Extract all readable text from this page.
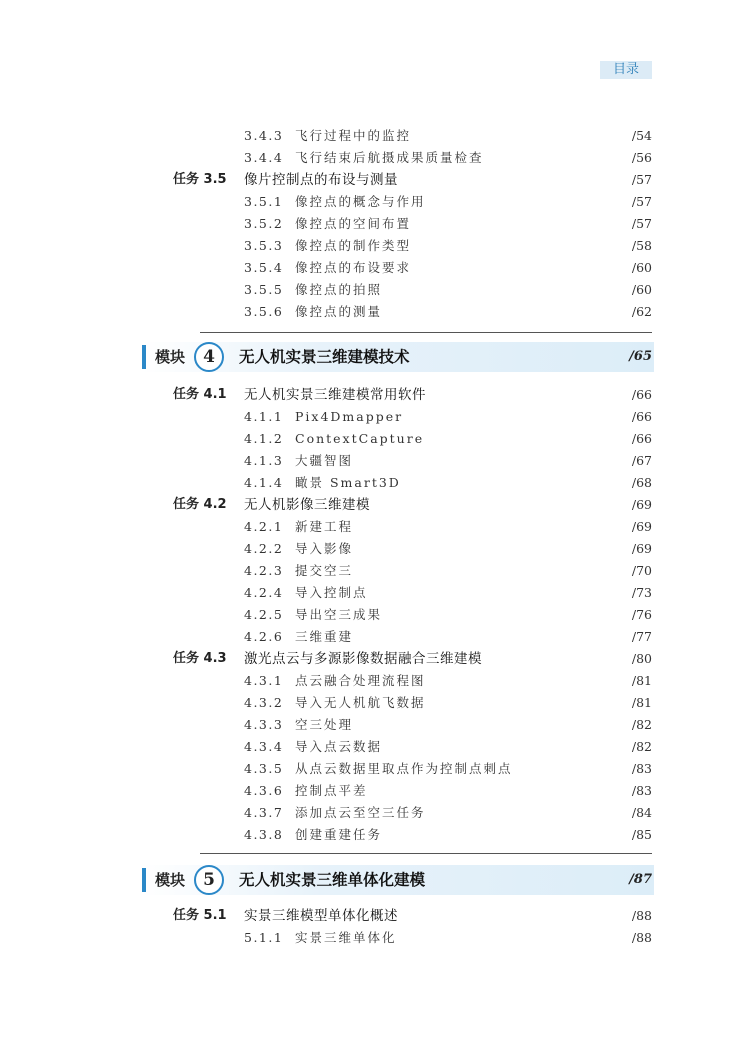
目录
3.4.3 飞行过程中的监控	/54
3.4.4 飞行结束后航摄成果质量检查	/56
任务 3.5 像片控制点的布设与测量	/57
3.5.1 像控点的概念与作用	/57
3.5.2 像控点的空间布置	/57
3.5.3 像控点的制作类型	/58
3.5.4 像控点的布设要求	/60
3.5.5 像控点的拍照	/60
3.5.6 像控点的测量	/62
模块	4	无人机实景三维建模技术	/65
任务 4.1 无人机实景三维建模常用软件	/66
4.1.1 Pix4Dmapper	/66
4.1.2 ContextCapture	/66
4.1.3 大疆智图	/67
4.1.4 瞰景 Smart3D	/68
任务 4.2 无人机影像三维建模	/69
4.2.1 新建工程	/69
4.2.2 导入影像	/69
4.2.3 提交空三	/70
4.2.4 导入控制点	/73
4.2.5 导出空三成果	/76
4.2.6 三维重建	/77
任务 4.3 激光点云与多源影像数据融合三维建模	/80
4.3.1 点云融合处理流程图	/81
4.3.2 导入无人机航飞数据	/81
4.3.3 空三处理	/82
4.3.4 导入点云数据	/82
4.3.5 从点云数据里取点作为控制点刺点	/83
4.3.6 控制点平差	/83
4.3.7 添加点云至空三任务	/84
4.3.8 创建重建任务	/85
模块	5	无人机实景三维单体化建模	/87
任务 5.1 实景三维模型单体化概述	/88
5.1.1 实景三维单体化	/88
